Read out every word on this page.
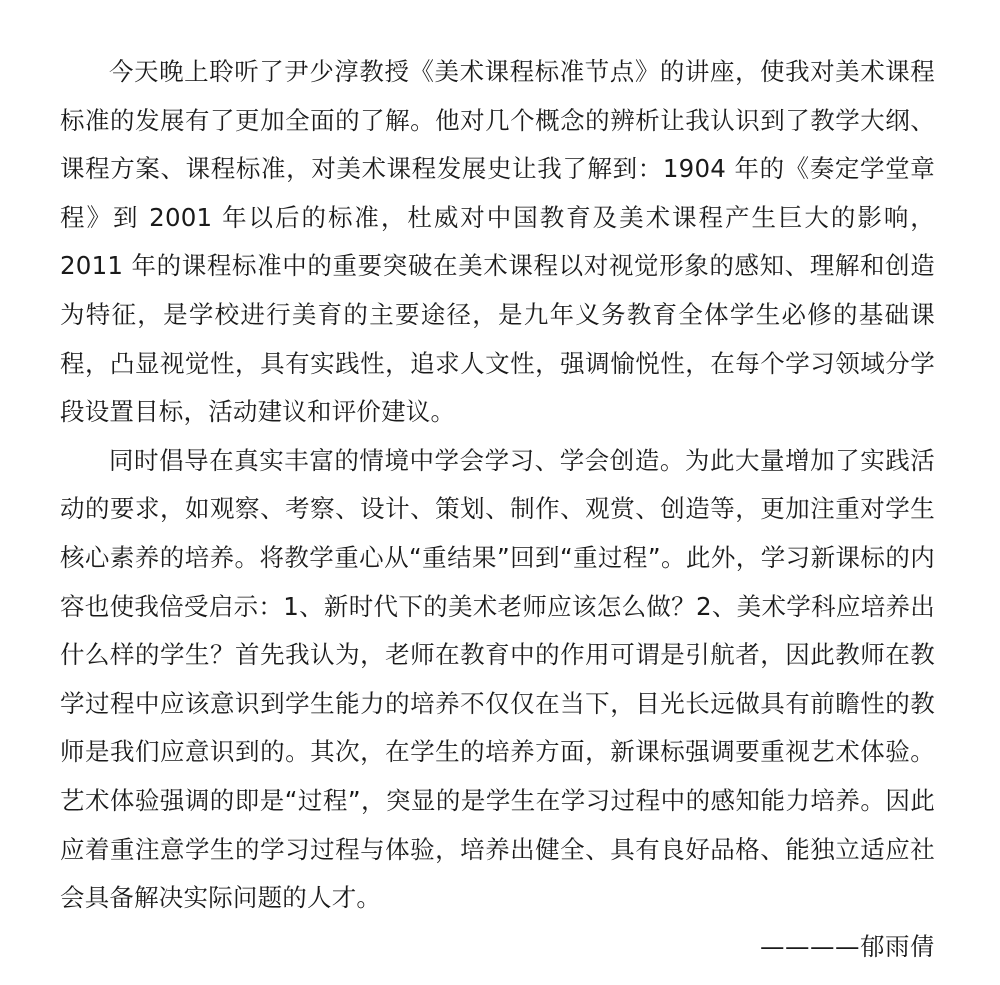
今天晚上聆听了尹少淳教授《美术课程标准节点》的讲座，使我对美术课程标准的发展有了更加全面的了解。他对几个概念的辨析让我认识到了教学大纲、课程方案、课程标准，对美术课程发展史让我了解到：1904 年的《奏定学堂章程》到 2001 年以后的标准，杜威对中国教育及美术课程产生巨大的影响，2011 年的课程标准中的重要突破在美术课程以对视觉形象的感知、理解和创造为特征，是学校进行美育的主要途径，是九年义务教育全体学生必修的基础课程，凸显视觉性，具有实践性，追求人文性，强调愉悦性，在每个学习领域分学段设置目标，活动建议和评价建议。

同时倡导在真实丰富的情境中学会学习、学会创造。为此大量增加了实践活动的要求，如观察、考察、设计、策划、制作、观赏、创造等，更加注重对学生核心素养的培养。将教学重心从“重结果”回到“重过程”。此外，学习新课标的内容也使我倍受启示：1、新时代下的美术老师应该怎么做？2、美术学科应培养出什么样的学生？首先我认为，老师在教育中的作用可谓是引航者，因此教师在教学过程中应该意识到学生能力的培养不仅仅在当下，目光长远做具有前瞻性的教师是我们应意识到的。其次，在学生的培养方面，新课标强调要重视艺术体验。艺术体验强调的即是“过程”，突显的是学生在学习过程中的感知能力培养。因此应着重注意学生的学习过程与体验，培养出健全、具有良好品格、能独立适应社会具备解决实际问题的人才。

————郁雨倩
